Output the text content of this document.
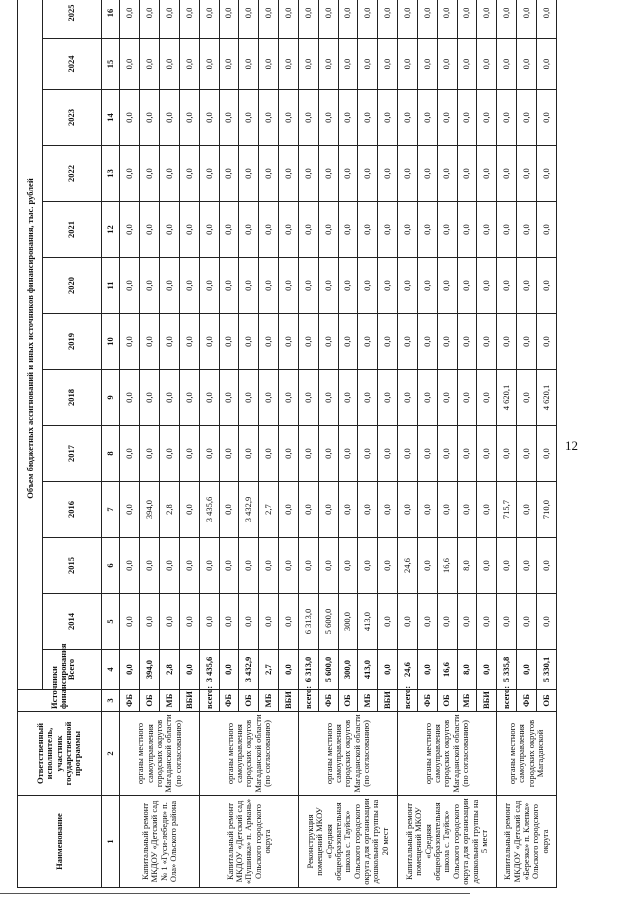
12
Наименование	Ответственный исполнитель, участник государственной программы	Источники финансирования	Объем бюджетных ассигнований и иных источников финансирования, тыс. рублей												
			Всего	2014	2015	2016	2017	2018	2019	2020	2021	2022	2023	2024	2025
1	2	3	4	5	6	7	8	9	10	11	12	13	14	15	16
Капитальный ремонт МКДОУ «Детский сад № 1 «Гуси-лебеди» п. Ола» Ольского района	органы местного самоуправления городских округов Магаданской области (по согласованию)	ФБ	0,0	0,0	0,0	0,0	0,0	0,0	0,0	0,0	0,0	0,0	0,0	0,0	0,0
		ОБ	394,0	0,0	0,0	394,0	0,0	0,0	0,0	0,0	0,0	0,0	0,0	0,0	0,0
		МБ	2,8	0,0	0,0	2,8	0,0	0,0	0,0	0,0	0,0	0,0	0,0	0,0	0,0
		ВБИ	0,0	0,0	0,0	0,0	0,0	0,0	0,0	0,0	0,0	0,0	0,0	0,0	0,0
Капитальный ремонт МКДОУ «Детский сад «Пушинка» п. Армань» Ольского городского округа	органы местного самоуправления городских округов Магаданской области (по согласованию)	всего:	3 435,6	0,0	0,0	3 435,6	0,0	0,0	0,0	0,0	0,0	0,0	0,0	0,0	0,0
		ФБ	0,0	0,0	0,0	0,0	0,0	0,0	0,0	0,0	0,0	0,0	0,0	0,0	0,0
		ОБ	3 432,9	0,0	0,0	3 432,9	0,0	0,0	0,0	0,0	0,0	0,0	0,0	0,0	0,0
		МБ	2,7	0,0	0,0	2,7	0,0	0,0	0,0	0,0	0,0	0,0	0,0	0,0	0,0
		ВБИ	0,0	0,0	0,0	0,0	0,0	0,0	0,0	0,0	0,0	0,0	0,0	0,0	0,0
Реконструкция помещений МКОУ «Средняя общеобразовательная школа с. Тауйск» Ольского городского округа для организации дошкольной группы на 20 мест	органы местного самоуправления городских округов Магаданской области (по согласованию)	всего:	6 313,0	6 313,0	0,0	0,0	0,0	0,0	0,0	0,0	0,0	0,0	0,0	0,0	0,0
		ФБ	5 600,0	5 600,0	0,0	0,0	0,0	0,0	0,0	0,0	0,0	0,0	0,0	0,0	0,0
		ОБ	300,0	300,0	0,0	0,0	0,0	0,0	0,0	0,0	0,0	0,0	0,0	0,0	0,0
		МБ	413,0	413,0	0,0	0,0	0,0	0,0	0,0	0,0	0,0	0,0	0,0	0,0	0,0
		ВБИ	0,0	0,0	0,0	0,0	0,0	0,0	0,0	0,0	0,0	0,0	0,0	0,0	0,0
Капитальный ремонт помещений МКОУ «Средняя общеобразовательная школа с. Тауйск» Ольского городского округа для организации дошкольной группы на 5 мест	органы местного самоуправления городских округов Магаданской области (по согласованию)	всего:	24,6	0,0	24,6	0,0	0,0	0,0	0,0	0,0	0,0	0,0	0,0	0,0	0,0
		ФБ	0,0	0,0	0,0	0,0	0,0	0,0	0,0	0,0	0,0	0,0	0,0	0,0	0,0
		ОБ	16,6	0,0	16,6	0,0	0,0	0,0	0,0	0,0	0,0	0,0	0,0	0,0	0,0
		МБ	8,0	0,0	8,0	0,0	0,0	0,0	0,0	0,0	0,0	0,0	0,0	0,0	0,0
		ВБИ	0,0	0,0	0,0	0,0	0,0	0,0	0,0	0,0	0,0	0,0	0,0	0,0	0,0
Капитальный ремонт МКДОУ «Детский сад «Березка» п. Клепка» Ольского городского округа	органы местного самоуправления городских округов Магаданской	всего:	5 335,8	0,0	0,0	715,7	0,0	4 620,1	0,0	0,0	0,0	0,0	0,0	0,0	0,0
		ФБ	0,0	0,0	0,0	0,0	0,0	0,0	0,0	0,0	0,0	0,0	0,0	0,0	0,0
		ОБ	5 330,1	0,0	0,0	710,0	0,0	4 620,1	0,0	0,0	0,0	0,0	0,0	0,0	0,0
